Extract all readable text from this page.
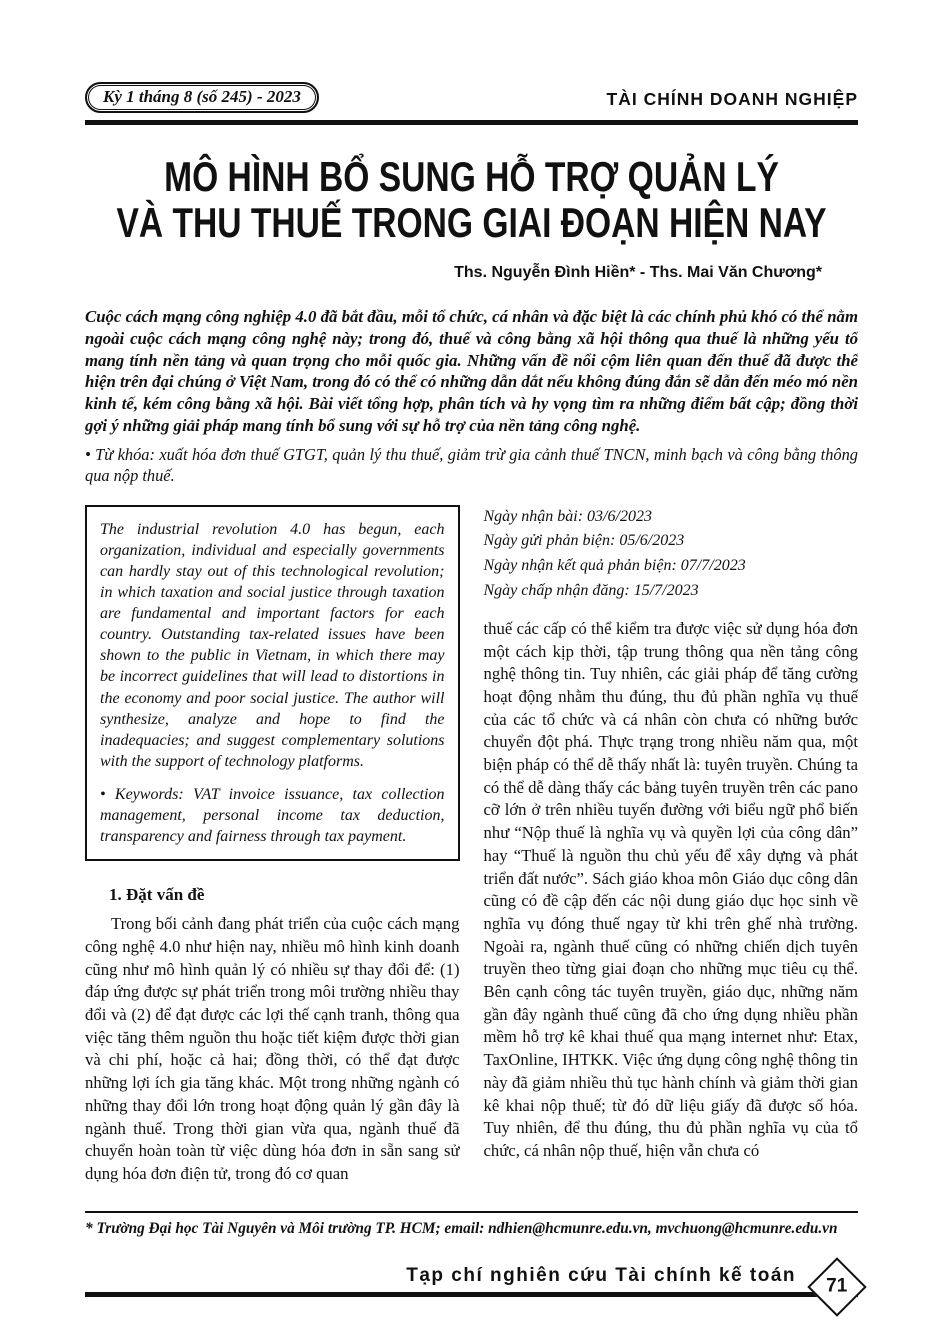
Kỳ 1 tháng 8 (số 245) - 2023	TÀI CHÍNH DOANH NGHIỆP
MÔ HÌNH BỔ SUNG HỖ TRỢ QUẢN LÝ
VÀ THU THUẾ TRONG GIAI ĐOẠN HIỆN NAY
Ths. Nguyễn Đình Hiền* - Ths. Mai Văn Chương*
Cuộc cách mạng công nghiệp 4.0 đã bắt đầu, mỗi tổ chức, cá nhân và đặc biệt là các chính phủ khó có thể nằm ngoài cuộc cách mạng công nghệ này; trong đó, thuế và công bằng xã hội thông qua thuế là những yếu tố mang tính nền tảng và quan trọng cho mỗi quốc gia. Những vấn đề nổi cộm liên quan đến thuế đã được thể hiện trên đại chúng ở Việt Nam, trong đó có thể có những dẫn dắt nếu không đúng đắn sẽ dẫn đến méo mó nền kinh tế, kém công bằng xã hội. Bài viết tổng hợp, phân tích và hy vọng tìm ra những điểm bất cập; đồng thời gợi ý những giải pháp mang tính bổ sung với sự hỗ trợ của nền tảng công nghệ.
• Từ khóa: xuất hóa đơn thuế GTGT, quản lý thu thuế, giảm trừ gia cảnh thuế TNCN, minh bạch và công bằng thông qua nộp thuế.
The industrial revolution 4.0 has begun, each organization, individual and especially governments can hardly stay out of this technological revolution; in which taxation and social justice through taxation are fundamental and important factors for each country. Outstanding tax-related issues have been shown to the public in Vietnam, in which there may be incorrect guidelines that will lead to distortions in the economy and poor social justice. The author will synthesize, analyze and hope to find the inadequacies; and suggest complementary solutions with the support of technology platforms.
• Keywords: VAT invoice issuance, tax collection management, personal income tax deduction, transparency and fairness through tax payment.
1. Đặt vấn đề
Trong bối cảnh đang phát triển của cuộc cách mạng công nghệ 4.0 như hiện nay, nhiều mô hình kinh doanh cũng như mô hình quản lý có nhiều sự thay đổi để: (1) đáp ứng được sự phát triển trong môi trường nhiều thay đổi và (2) để đạt được các lợi thế cạnh tranh, thông qua việc tăng thêm nguồn thu hoặc tiết kiệm được thời gian và chi phí, hoặc cả hai; đồng thời, có thể đạt được những lợi ích gia tăng khác. Một trong những ngành có những thay đổi lớn trong hoạt động quản lý gần đây là ngành thuế. Trong thời gian vừa qua, ngành thuế đã chuyển hoàn toàn từ việc dùng hóa đơn in sẵn sang sử dụng hóa đơn điện tử, trong đó cơ quan
Ngày nhận bài: 03/6/2023
Ngày gửi phản biện: 05/6/2023
Ngày nhận kết quả phản biện: 07/7/2023
Ngày chấp nhận đăng: 15/7/2023
thuế các cấp có thể kiểm tra được việc sử dụng hóa đơn một cách kịp thời, tập trung thông qua nền tảng công nghệ thông tin. Tuy nhiên, các giải pháp để tăng cường hoạt động nhằm thu đúng, thu đủ phần nghĩa vụ thuế của các tổ chức và cá nhân còn chưa có những bước chuyển đột phá. Thực trạng trong nhiều năm qua, một biện pháp có thể dễ thấy nhất là: tuyên truyền. Chúng ta có thể dễ dàng thấy các bảng tuyên truyền trên các pano cỡ lớn ở trên nhiều tuyến đường với biểu ngữ phổ biến như “Nộp thuế là nghĩa vụ và quyền lợi của công dân” hay “Thuế là nguồn thu chủ yếu để xây dựng và phát triển đất nước”. Sách giáo khoa môn Giáo dục công dân cũng có đề cập đến các nội dung giáo dục học sinh về nghĩa vụ đóng thuế ngay từ khi trên ghế nhà trường. Ngoài ra, ngành thuế cũng có những chiến dịch tuyên truyền theo từng giai đoạn cho những mục tiêu cụ thể. Bên cạnh công tác tuyên truyền, giáo dục, những năm gần đây ngành thuế cũng đã cho ứng dụng nhiều phần mềm hỗ trợ kê khai thuế qua mạng internet như: Etax, TaxOnline, IHTKK. Việc ứng dụng công nghệ thông tin này đã giảm nhiều thủ tục hành chính và giảm thời gian kê khai nộp thuế; từ đó dữ liệu giấy đã được số hóa. Tuy nhiên, để thu đúng, thu đủ phần nghĩa vụ của tổ chức, cá nhân nộp thuế, hiện vẫn chưa có
* Trường Đại học Tài Nguyên và Môi trường TP. HCM; email: ndhien@hcmunre.edu.vn, mvchuong@hcmunre.edu.vn
Tạp chí nghiên cứu Tài chính kế toán
71
